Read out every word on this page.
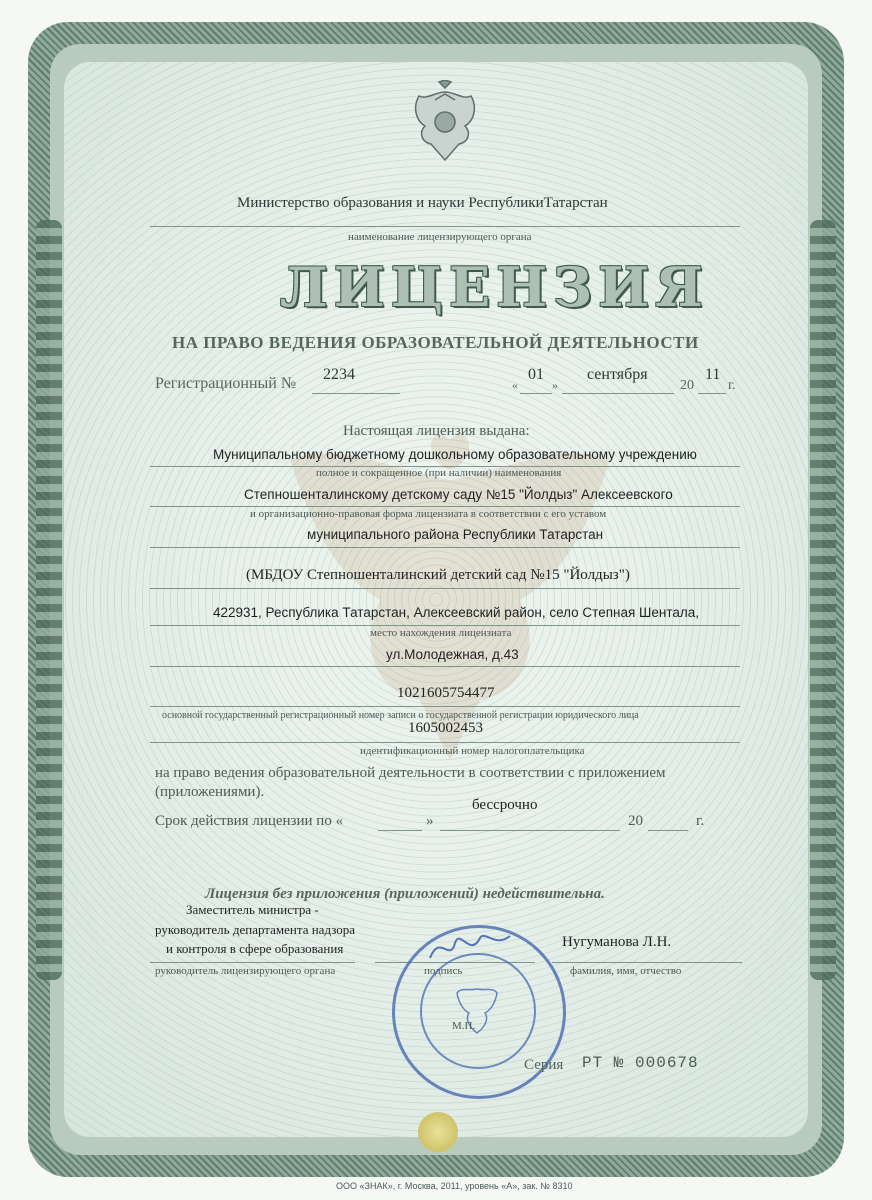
Министерство образования и науки РеспубликиТатарстан
наименование лицензирующего органа
ЛИЦЕНЗИЯ
НА ПРАВО ВЕДЕНИЯ ОБРАЗОВАТЕЛЬНОЙ ДЕЯТЕЛЬНОСТИ
Регистрационный №
2234
«
01
»
сентября
20
11
г.
Настоящая лицензия выдана:
Муниципальному бюджетному дошкольному образовательному учреждению
полное и сокращенное (при наличии) наименования
Степношенталинскому детскому саду №15 "Йолдыз" Алексеевского
и организационно-правовая форма лицензиата в соответствии с его уставом
муниципального района Республики Татарстан
(МБДОУ Степношенталинский детский сад №15 "Йолдыз")
422931, Республика Татарстан, Алексеевский район, село Степная Шентала,
место нахождения лицензиата
ул.Молодежная, д.43
1021605754477
основной государственный регистрационный номер записи о государственной регистрации юридического лица
1605002453
идентификационный номер налогоплательщика
на право ведения образовательной деятельности в соответствии с приложением
(приложениями).
бессрочно
Срок действия лицензии по «	»	20	г.
Лицензия без приложения (приложений) недействительна.
Заместитель министра -
руководитель департамента надзора
и контроля в сфере образования
руководитель лицензирующего органа	подпись
Нугуманова Л.Н.
фамилия, имя, отчество
М.П.
Серия РТ № 000678
ООО «ЗНАК», г. Москва, 2011, уровень «А», зак. № 8310
